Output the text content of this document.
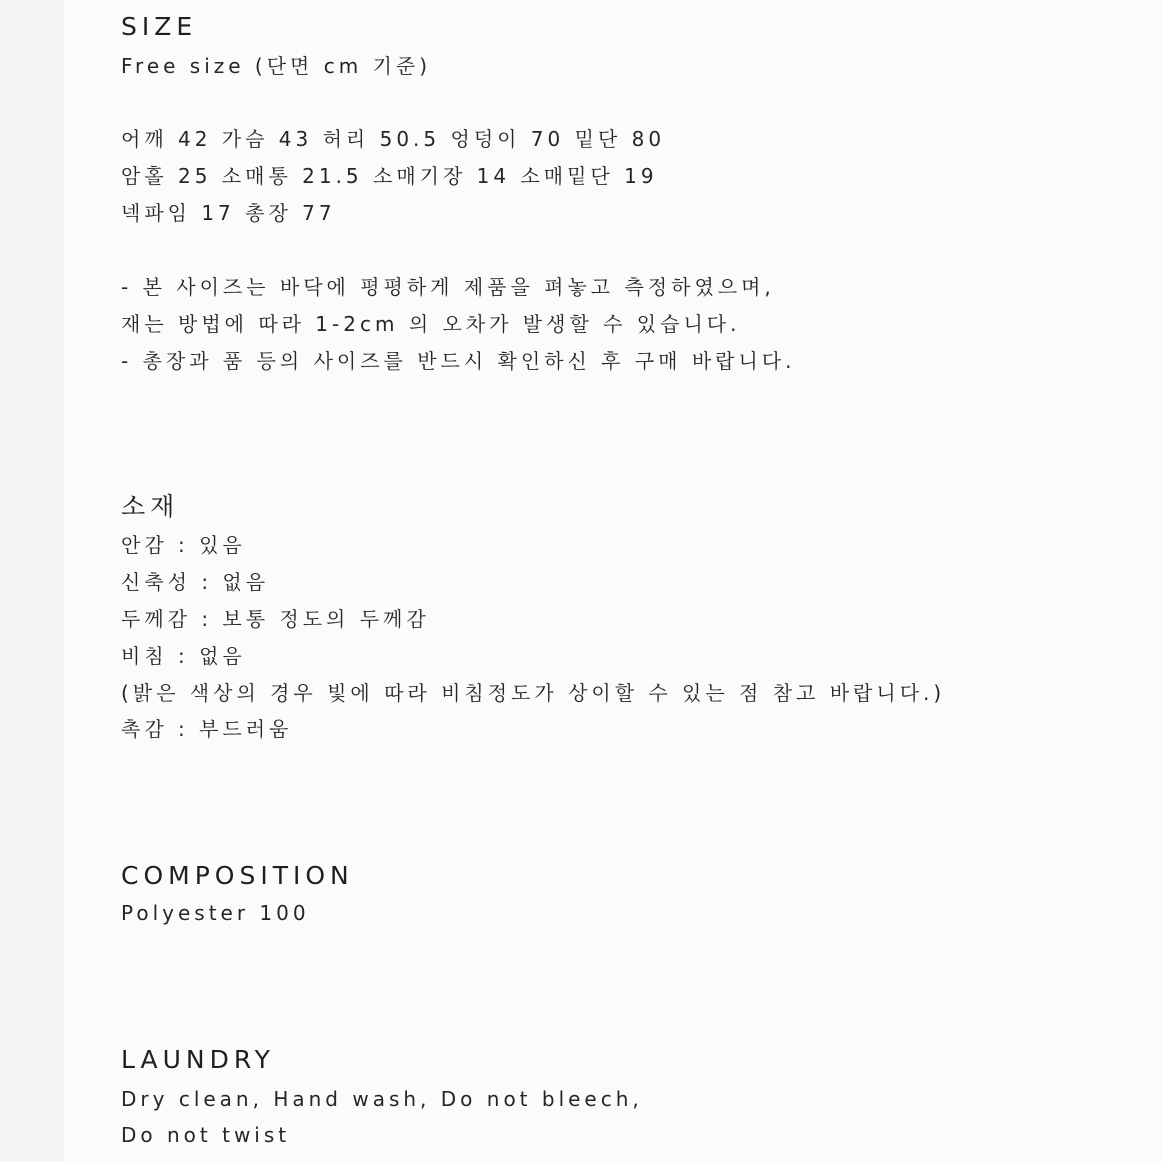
SIZE
Free size (단면 cm 기준)
어깨 42 가슴 43 허리 50.5 엉덩이 70 밑단 80
암홀 25 소매통 21.5 소매기장 14 소매밑단 19
넥파임 17 총장 77
- 본 사이즈는 바닥에 평평하게 제품을 펴놓고 측정하였으며,
재는 방법에 따라 1-2cm 의 오차가 발생할 수 있습니다.
- 총장과 품 등의 사이즈를 반드시 확인하신 후 구매 바랍니다.
소재
안감 : 있음
신축성 : 없음
두께감 : 보통 정도의 두께감
비침 : 없음
(밝은 색상의 경우 빛에 따라 비침정도가 상이할 수 있는 점 참고 바랍니다.)
촉감 : 부드러움
COMPOSITION
Polyester 100
LAUNDRY
Dry clean, Hand wash, Do not bleech,
Do not twist
